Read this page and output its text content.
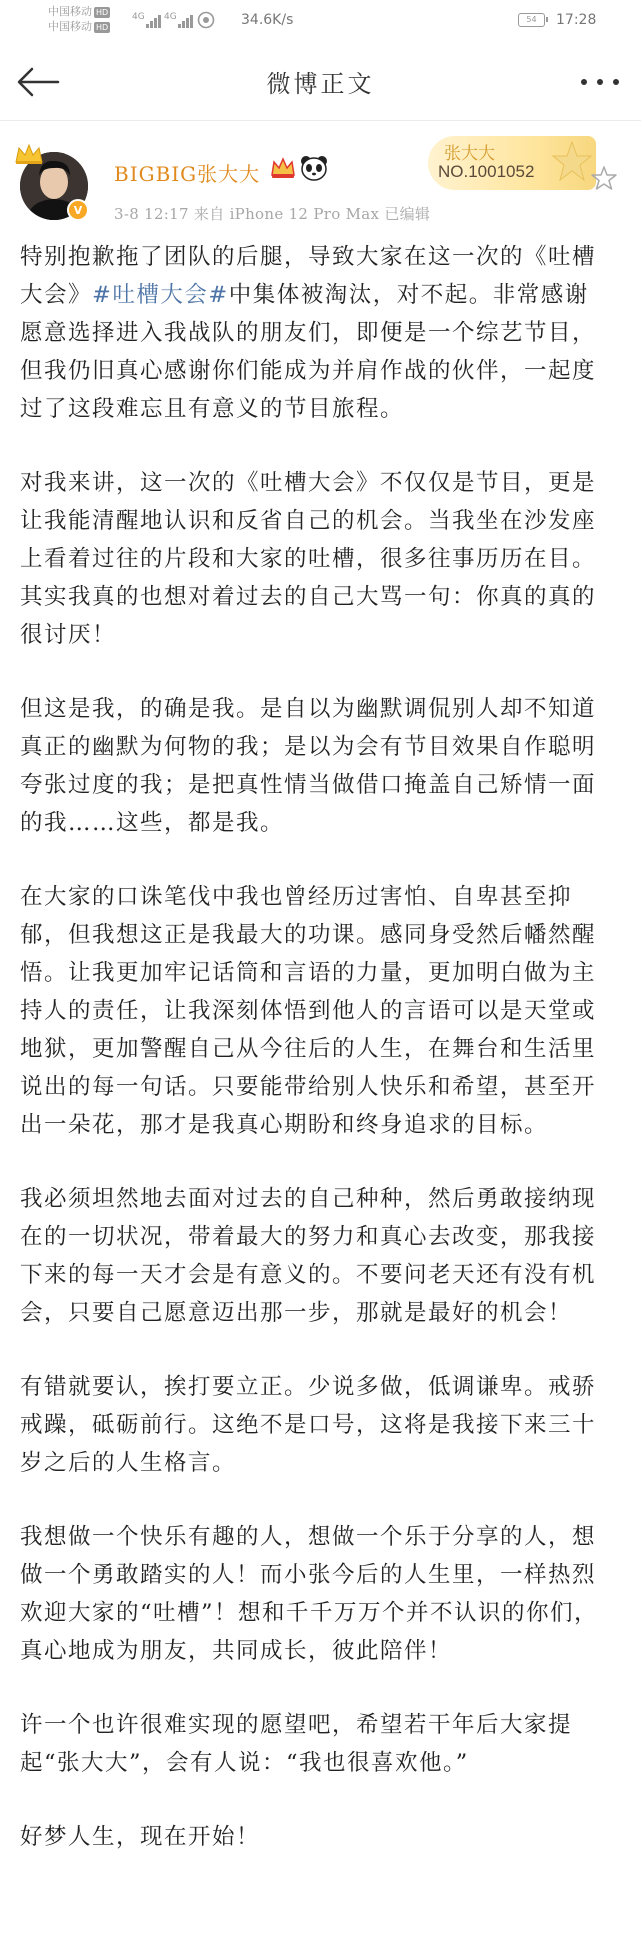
中国移动 HD
中国移动 HD
4G 4G	34.6K/s	54	17:28
微博正文
V
BIGBIG张大大
3-8 12:17 来自 iPhone 12 Pro Max 已编辑
张大大
NO.1001052

特别抱歉拖了团队的后腿，导致大家在这一次的《吐槽大会》#吐槽大会#中集体被淘汰，对不起。非常感谢愿意选择进入我战队的朋友们，即便是一个综艺节目，但我仍旧真心感谢你们能成为并肩作战的伙伴，一起度过了这段难忘且有意义的节目旅程。

对我来讲，这一次的《吐槽大会》不仅仅是节目，更是让我能清醒地认识和反省自己的机会。当我坐在沙发座上看着过往的片段和大家的吐槽，很多往事历历在目。其实我真的也想对着过去的自己大骂一句：你真的真的很讨厌！

但这是我，的确是我。是自以为幽默调侃别人却不知道真正的幽默为何物的我；是以为会有节目效果自作聪明夸张过度的我；是把真性情当做借口掩盖自己矫情一面的我……这些，都是我。

在大家的口诛笔伐中我也曾经历过害怕、自卑甚至抑郁，但我想这正是我最大的功课。感同身受然后幡然醒悟。让我更加牢记话筒和言语的力量，更加明白做为主持人的责任，让我深刻体悟到他人的言语可以是天堂或地狱，更加警醒自己从今往后的人生，在舞台和生活里说出的每一句话。只要能带给别人快乐和希望，甚至开出一朵花，那才是我真心期盼和终身追求的目标。

我必须坦然地去面对过去的自己种种，然后勇敢接纳现在的一切状况，带着最大的努力和真心去改变，那我接下来的每一天才会是有意义的。不要问老天还有没有机会，只要自己愿意迈出那一步，那就是最好的机会！

有错就要认，挨打要立正。少说多做，低调谦卑。戒骄戒躁，砥砺前行。这绝不是口号，这将是我接下来三十岁之后的人生格言。

我想做一个快乐有趣的人，想做一个乐于分享的人，想做一个勇敢踏实的人！而小张今后的人生里，一样热烈欢迎大家的“吐槽”！想和千千万万个并不认识的你们，真心地成为朋友，共同成长，彼此陪伴！

许一个也许很难实现的愿望吧，希望若干年后大家提起“张大大”，会有人说：“我也很喜欢他。”

好梦人生，现在开始！
